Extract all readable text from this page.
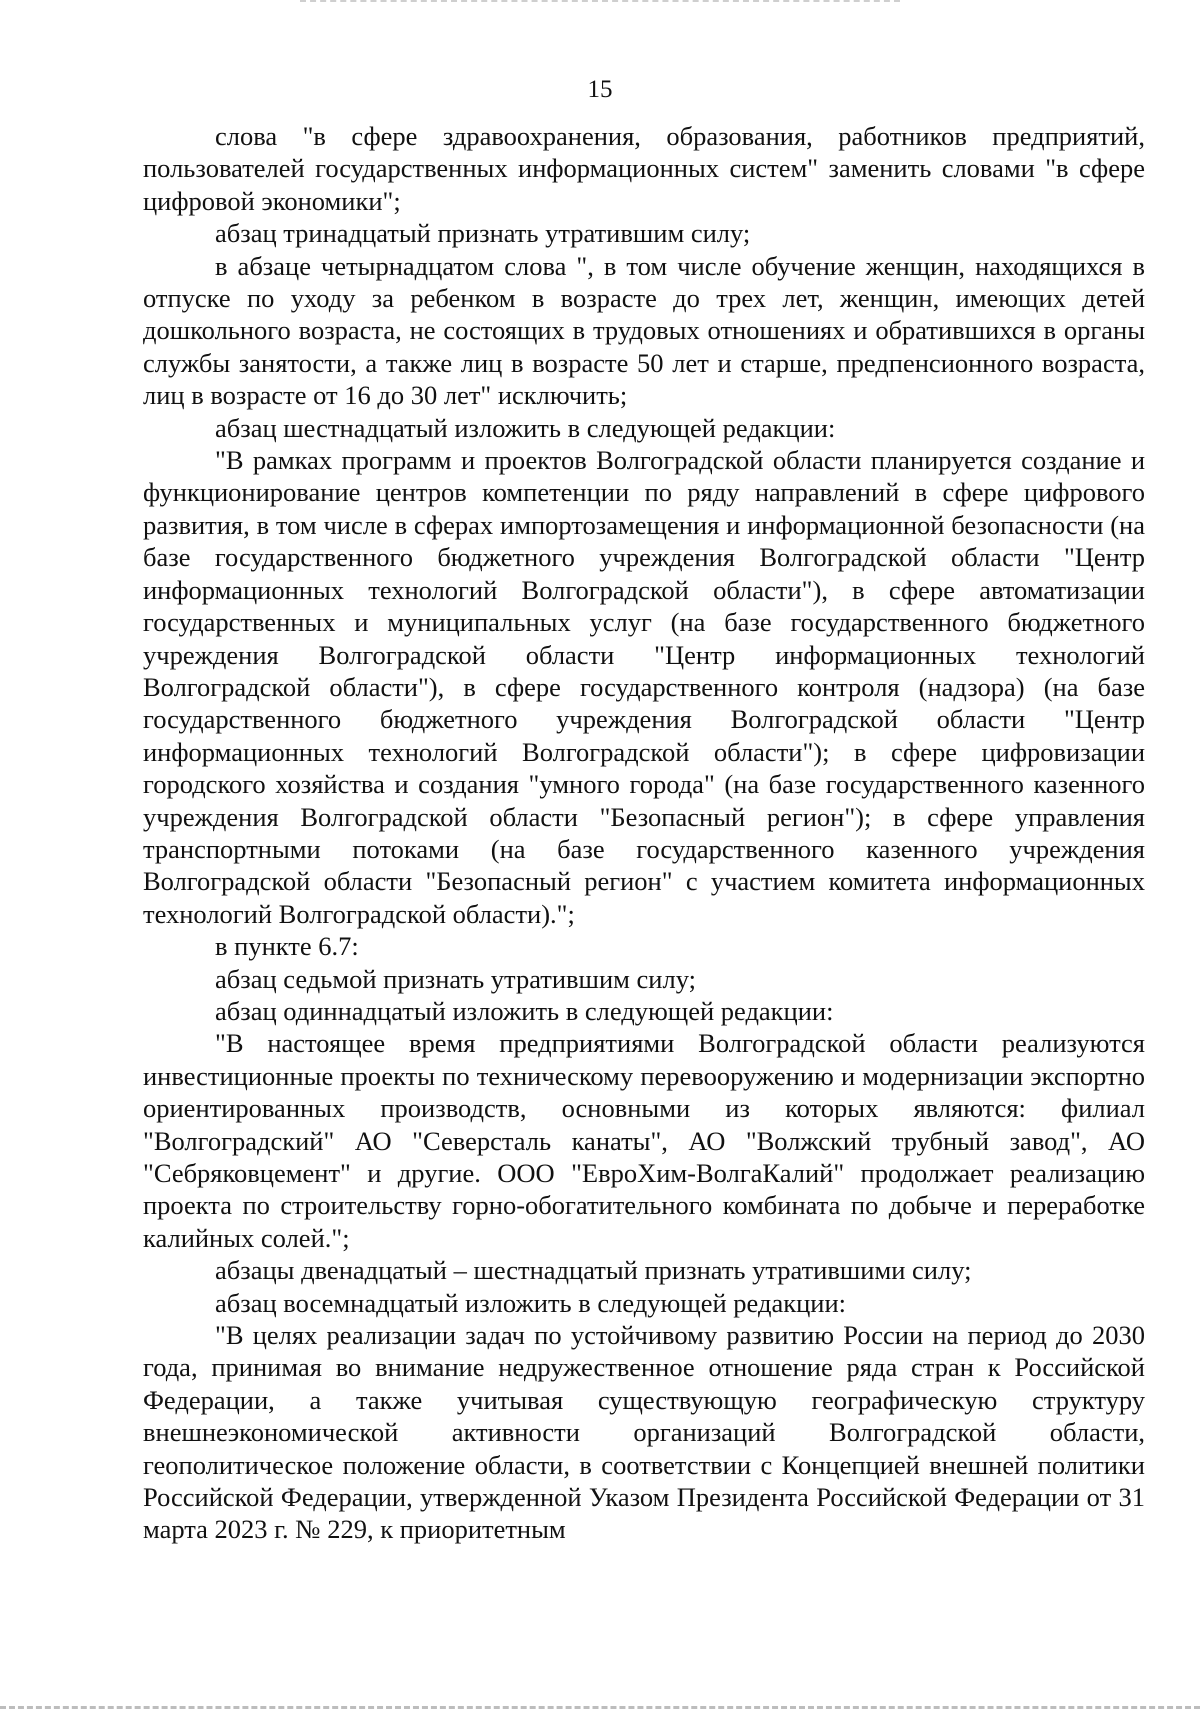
15

слова "в сфере здравоохранения, образования, работников предприятий, пользователей государственных информационных систем" заменить словами "в сфере цифровой экономики";

абзац тринадцатый признать утратившим силу;

в абзаце четырнадцатом слова ", в том числе обучение женщин, находящихся в отпуске по уходу за ребенком в возрасте до трех лет, женщин, имеющих детей дошкольного возраста, не состоящих в трудовых отношениях и обратившихся в органы службы занятости, а также лиц в возрасте 50 лет и старше, предпенсионного возраста, лиц в возрасте от 16 до 30 лет" исключить;

абзац шестнадцатый изложить в следующей редакции:

"В рамках программ и проектов Волгоградской области планируется создание и функционирование центров компетенции по ряду направлений в сфере цифрового развития, в том числе в сферах импортозамещения и информационной безопасности (на базе государственного бюджетного учреждения Волгоградской области "Центр информационных технологий Волгоградской области"), в сфере автоматизации государственных и муниципальных услуг (на базе государственного бюджетного учреждения Волгоградской области "Центр информационных технологий Волгоградской области"), в сфере государственного контроля (надзора) (на базе государственного бюджетного учреждения Волгоградской области "Центр информационных технологий Волгоградской области"); в сфере цифровизации городского хозяйства и создания "умного города" (на базе государственного казенного учреждения Волгоградской области "Безопасный регион"); в сфере управления транспортными потоками (на базе государственного казенного учреждения Волгоградской области "Безопасный регион" с участием комитета информационных технологий Волгоградской области).";

в пункте 6.7:

абзац седьмой признать утратившим силу;

абзац одиннадцатый изложить в следующей редакции:

"В настоящее время предприятиями Волгоградской области реализуются инвестиционные проекты по техническому перевооружению и модернизации экспортно ориентированных производств, основными из которых являются: филиал "Волгоградский" АО "Северсталь канаты", АО "Волжский трубный завод", АО "Себряковцемент" и другие. ООО "ЕвроХим-ВолгаКалий" продолжает реализацию проекта по строительству горно-обогатительного комбината по добыче и переработке калийных солей.";

абзацы двенадцатый – шестнадцатый признать утратившими силу;

абзац восемнадцатый изложить в следующей редакции:

"В целях реализации задач по устойчивому развитию России на период до 2030 года, принимая во внимание недружественное отношение ряда стран к Российской Федерации, а также учитывая существующую географическую структуру внешнеэкономической активности организаций Волгоградской области, геополитическое положение области, в соответствии с Концепцией внешней политики Российской Федерации, утвержденной Указом Президента Российской Федерации от 31 марта 2023 г. № 229, к приоритетным
